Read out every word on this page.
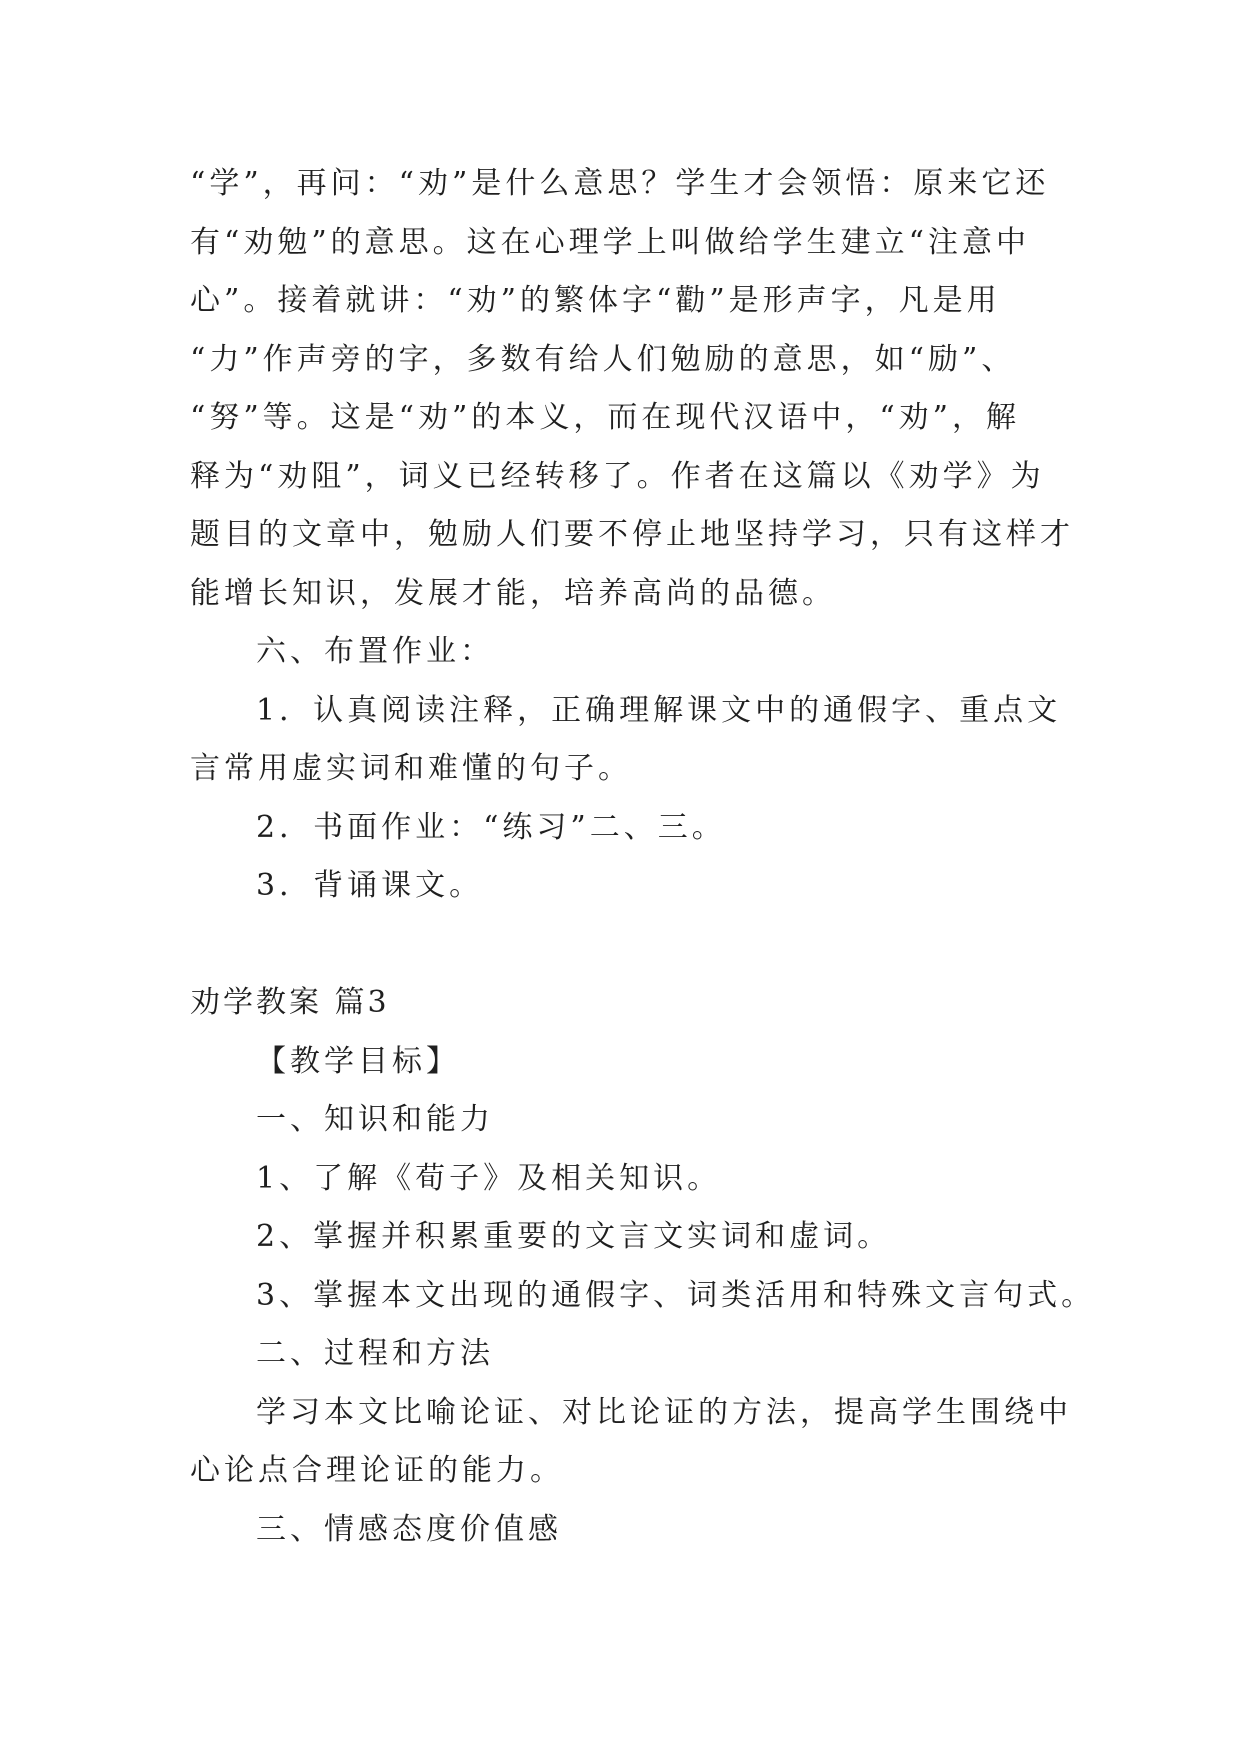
“学”，再问：“劝”是什么意思？学生才会领悟：原来它还
有“劝勉”的意思。这在心理学上叫做给学生建立“注意中
心”。接着就讲：“劝”的繁体字“勸”是形声字，凡是用
“力”作声旁的字，多数有给人们勉励的意思，如“励”、
“努”等。这是“劝”的本义，而在现代汉语中，“劝”，解
释为“劝阻”，词义已经转移了。作者在这篇以《劝学》为
题目的文章中，勉励人们要不停止地坚持学习，只有这样才
能增长知识，发展才能，培养高尚的品德。
六、布置作业：
1．认真阅读注释，正确理解课文中的通假字、重点文
言常用虚实词和难懂的句子。
2．书面作业：“练习”二、三。
3．背诵课文。
劝学教案 篇3
【教学目标】
一、知识和能力
1、了解《荀子》及相关知识。
2、掌握并积累重要的文言文实词和虚词。
3、掌握本文出现的通假字、词类活用和特殊文言句式。
二、过程和方法
学习本文比喻论证、对比论证的方法，提高学生围绕中
心论点合理论证的能力。
三、情感态度价值感
